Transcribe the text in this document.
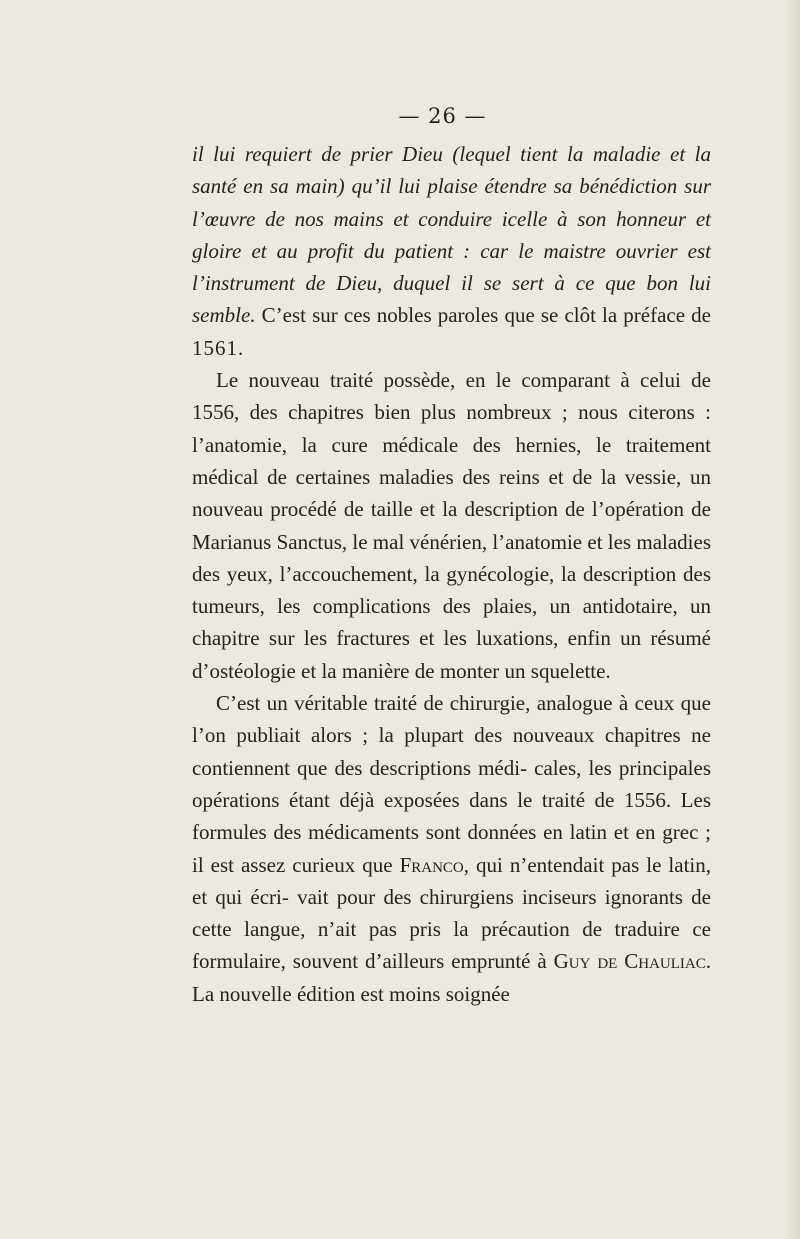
— 26 —

il lui requiert de prier Dieu (lequel tient la maladie et la santé en sa main) qu’il lui plaise étendre sa bénédiction sur l’œuvre de nos mains et conduire icelle à son honneur et gloire et au profit du patient : car le maistre ouvrier est l’instrument de Dieu, duquel il se sert à ce que bon lui semble. C’est sur ces nobles paroles que se clôt la préface de 1561.

Le nouveau traité possède, en le comparant à celui de 1556, des chapitres bien plus nombreux ; nous citerons : l’anatomie, la cure médicale des hernies, le traitement médical de certaines maladies des reins et de la vessie, un nouveau procédé de taille et la description de l’opération de Marianus Sanctus, le mal vénérien, l’anatomie et les maladies des yeux, l’accouchement, la gynécologie, la description des tumeurs, les complications des plaies, un antidotaire, un chapitre sur les fractures et les luxations, enfin un résumé d’ostéologie et la manière de monter un squelette.

C’est un véritable traité de chirurgie, analogue à ceux que l’on publiait alors ; la plupart des nouveaux chapitres ne contiennent que des descriptions médi- cales, les principales opérations étant déjà exposées dans le traité de 1556. Les formules des médicaments sont données en latin et en grec ; il est assez curieux que Franco, qui n’entendait pas le latin, et qui écri- vait pour des chirurgiens inciseurs ignorants de cette langue, n’ait pas pris la précaution de traduire ce formulaire, souvent d’ailleurs emprunté à Guy de Chauliac. La nouvelle édition est moins soignée
